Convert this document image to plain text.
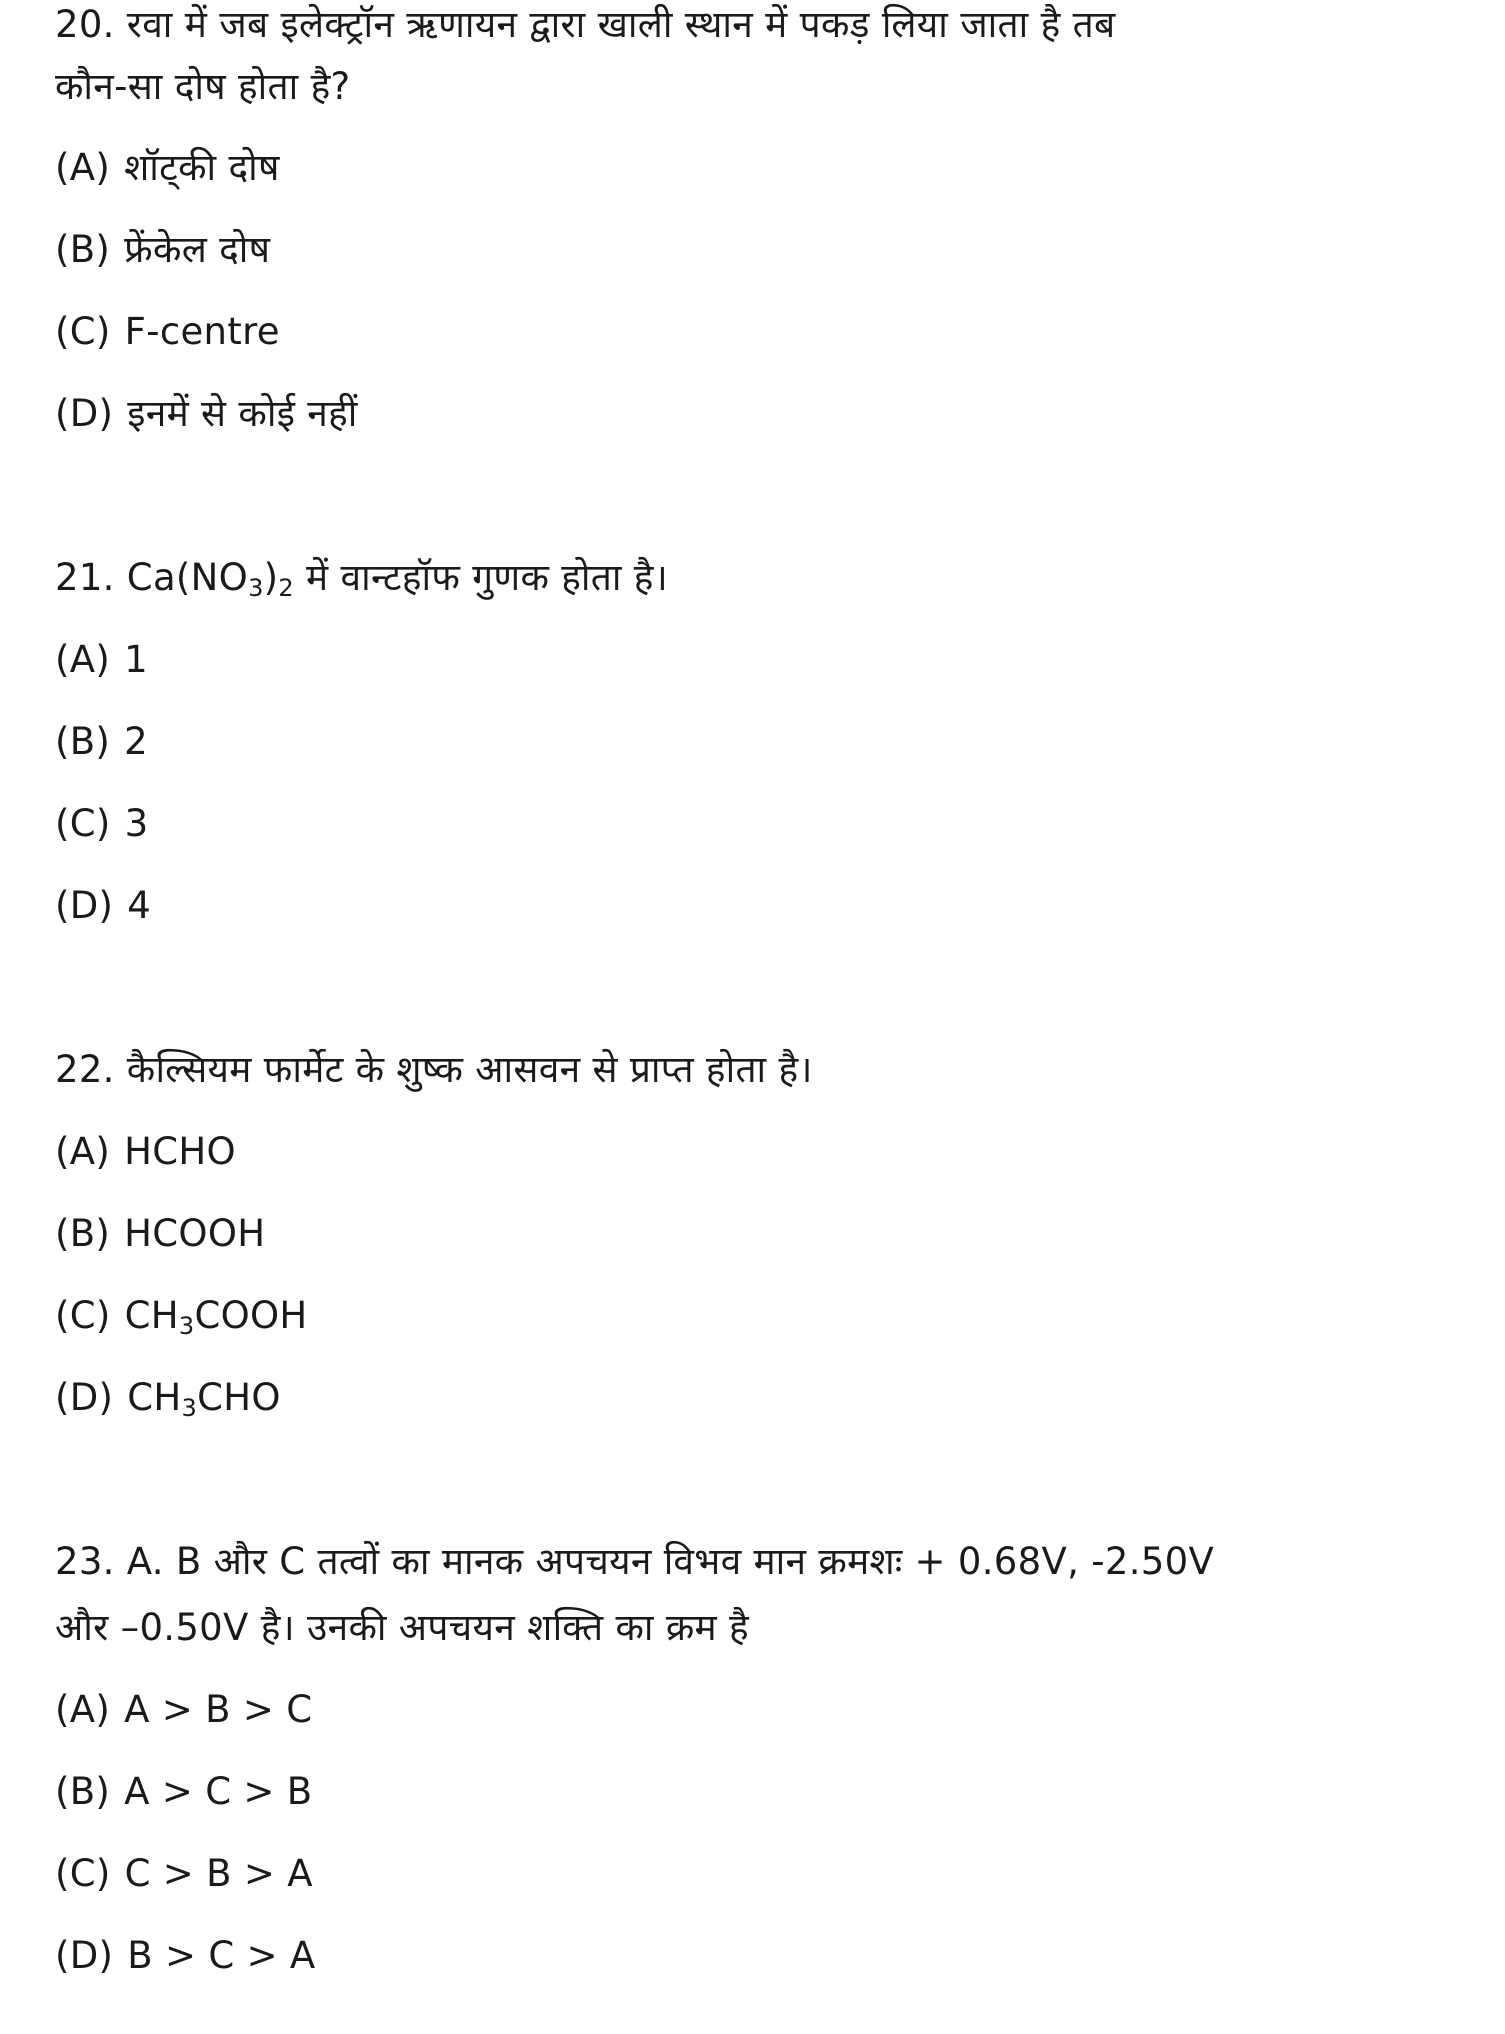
20. रवा में जब इलेक्ट्रॉन ऋणायन द्वारा खाली स्थान में पकड़ लिया जाता है तब
कौन-सा दोष होता है?
(A) शॉट्की दोष
(B) फ्रेंकेल दोष
(C) F-centre
(D) इनमें से कोई नहीं
21. $Ca(NO_3)_2$ में वान्टहॉफ गुणक होता है।
(A) 1
(B) 2
(C) 3
(D) 4
22. कैल्सियम फार्मेट के शुष्क आसवन से प्राप्त होता है।
(A) HCHO
(B) HCOOH
(C) $CH_3COOH$
(D) $CH_3CHO$
23. A. B और C तत्वों का मानक अपचयन विभव मान क्रमशः + 0.68V, -2.50V
और –0.50V है। उनकी अपचयन शक्ति का क्रम है
(A) A > B > C
(B) A > C > B
(C) C > B > A
(D) B > C > A
